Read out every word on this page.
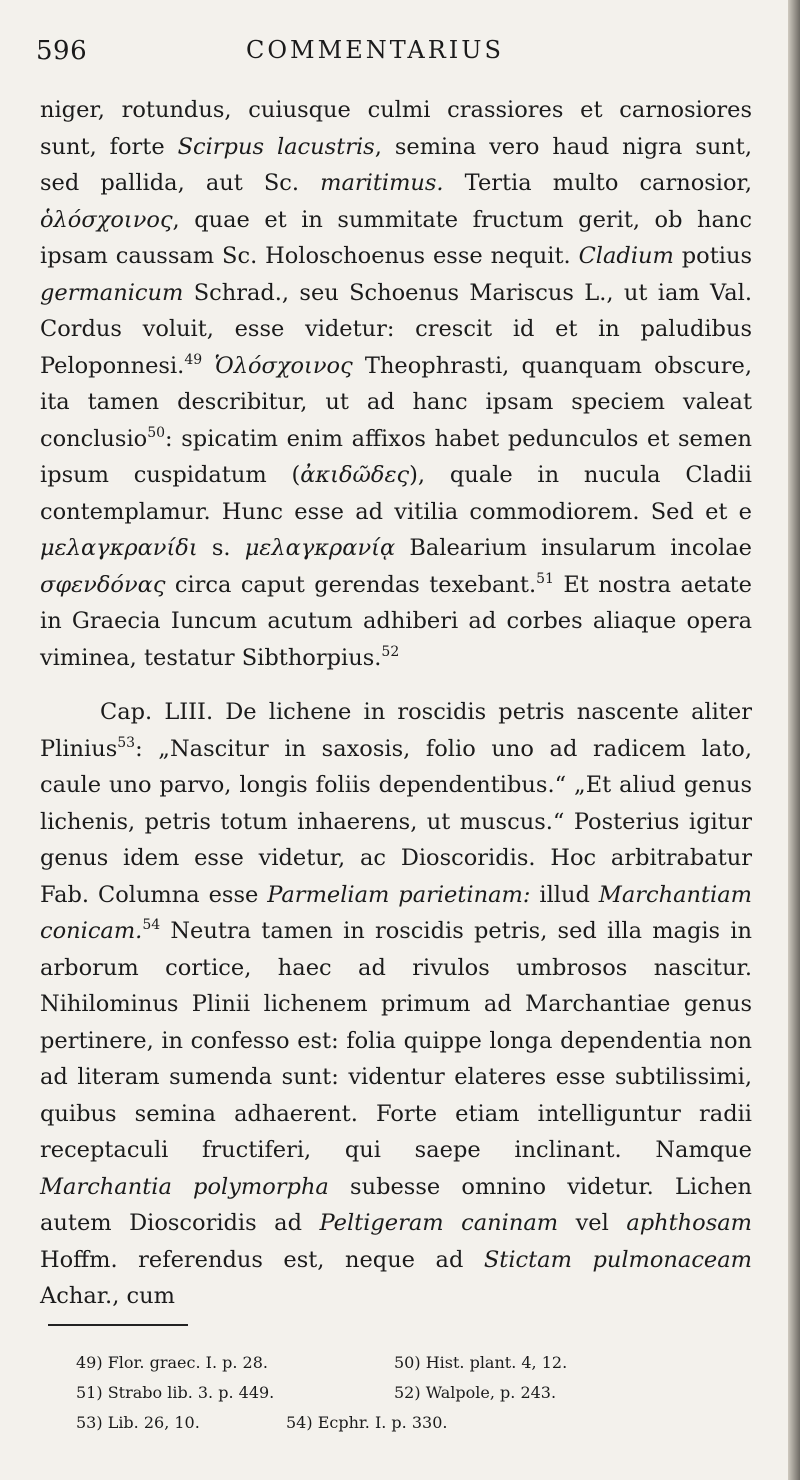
596	COMMENTARIUS

niger, rotundus, cuiusque culmi crassiores et carnosiores sunt, forte Scirpus lacustris, semina vero haud nigra sunt, sed pallida, aut Sc. maritimus. Tertia multo carnosior, ὁλόσχοινος, quae et in summitate fructum gerit, ob hanc ipsam caussam Sc. Holoschoenus esse nequit. Cladium potius germanicum Schrad., seu Schoenus Mariscus L., ut iam Val. Cordus voluit, esse videtur: crescit id et in paludibus Peloponnesi.$^{49}$ Ὁλόσχοινος Theophrasti, quanquam obscure, ita tamen describitur, ut ad hanc ipsam speciem valeat conclusio$^{50}$: spicatim enim affixos habet pedunculos et semen ipsum cuspidatum (ἀκιδῶδες), quale in nucula Cladii contemplamur. Hunc esse ad vitilia commodiorem. Sed et e μελαγκρανίδι s. μελαγκρανίᾳ Balearium insularum incolae σφενδόνας circa caput gerendas texebant.$^{51}$ Et nostra aetate in Graecia Iuncum acutum adhiberi ad corbes aliaque opera viminea, testatur Sibthorpius.$^{52}$

Cap. LIII. De lichene in roscidis petris nascente aliter Plinius$^{53}$: „Nascitur in saxosis, folio uno ad radicem lato, caule uno parvo, longis foliis dependentibus.“ „Et aliud genus lichenis, petris totum inhaerens, ut muscus.“ Posterius igitur genus idem esse videtur, ac Dioscoridis. Hoc arbitrabatur Fab. Columna esse Parmeliam parietinam: illud Marchantiam conicam.$^{54}$ Neutra tamen in roscidis petris, sed illa magis in arborum cortice, haec ad rivulos umbrosos nascitur. Nihilominus Plinii lichenem primum ad Marchantiae genus pertinere, in confesso est: folia quippe longa dependentia non ad literam sumenda sunt: videntur elateres esse subtilissimi, quibus semina adhaerent. Forte etiam intelliguntur radii receptaculi fructiferi, qui saepe inclinant. Namque Marchantia polymorpha subesse omnino videtur. Lichen autem Dioscoridis ad Peltigeram caninam vel aphthosam Hoffm. referendus est, neque ad Stictam pulmonaceam Achar., cum

49) Flor. graec. I. p. 28.	50) Hist. plant. 4, 12.
51) Strabo lib. 3. p. 449.	52) Walpole, p. 243.
53) Lib. 26, 10.	54) Ecphr. I. p. 330.
